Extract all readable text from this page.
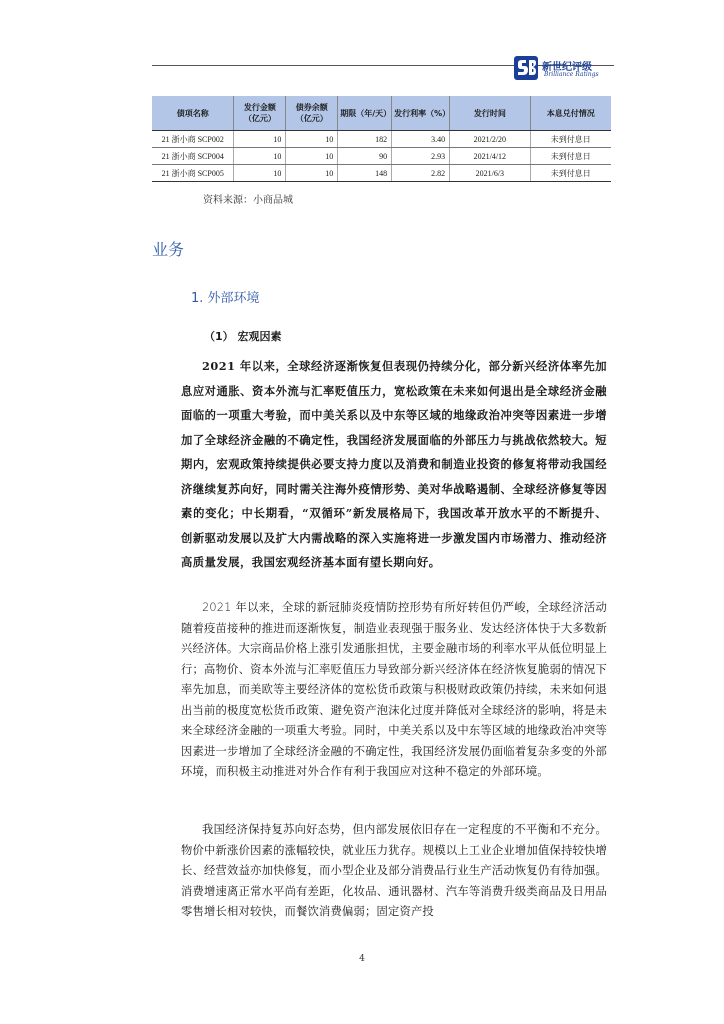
新世纪评级
Brilliance Ratings
债项名称	发行金额（亿元）	债券余额（亿元）	期限（年/天）	发行利率（%）	发行时间	本息兑付情况
21 浙小商 SCP002	10	10	182	3.40	2021/2/20	未到付息日
21 浙小商 SCP004	10	10	90	2.93	2021/4/12	未到付息日
21 浙小商 SCP005	10	10	148	2.82	2021/6/3	未到付息日
资料来源：小商品城
业务
1. 外部环境
（1） 宏观因素

2021 年以来，全球经济逐渐恢复但表现仍持续分化，部分新兴经济体率先加息应对通胀、资本外流与汇率贬值压力，宽松政策在未来如何退出是全球经济金融面临的一项重大考验，而中美关系以及中东等区域的地缘政治冲突等因素进一步增加了全球经济金融的不确定性，我国经济发展面临的外部压力与挑战依然较大。短期内，宏观政策持续提供必要支持力度以及消费和制造业投资的修复将带动我国经济继续复苏向好，同时需关注海外疫情形势、美对华战略遏制、全球经济修复等因素的变化；中长期看，“双循环”新发展格局下，我国改革开放水平的不断提升、创新驱动发展以及扩大内需战略的深入实施将进一步激发国内市场潜力、推动经济高质量发展，我国宏观经济基本面有望长期向好。

2021 年以来，全球的新冠肺炎疫情防控形势有所好转但仍严峻，全球经济活动随着疫苗接种的推进而逐渐恢复，制造业表现强于服务业、发达经济体快于大多数新兴经济体。大宗商品价格上涨引发通胀担忧，主要金融市场的利率水平从低位明显上行；高物价、资本外流与汇率贬值压力导致部分新兴经济体在经济恢复脆弱的情况下率先加息，而美欧等主要经济体的宽松货币政策与积极财政政策仍持续，未来如何退出当前的极度宽松货币政策、避免资产泡沫化过度并降低对全球经济的影响，将是未来全球经济金融的一项重大考验。同时，中美关系以及中东等区域的地缘政治冲突等因素进一步增加了全球经济金融的不确定性，我国经济发展仍面临着复杂多变的外部环境，而积极主动推进对外合作有利于我国应对这种不稳定的外部环境。

我国经济保持复苏向好态势，但内部发展依旧存在一定程度的不平衡和不充分。物价中新涨价因素的涨幅较快，就业压力犹存。规模以上工业企业增加值保持较快增长、经营效益亦加快修复，而小型企业及部分消费品行业生产活动恢复仍有待加强。消费增速离正常水平尚有差距，化妆品、通讯器材、汽车等消费升级类商品及日用品零售增长相对较快，而餐饮消费偏弱；固定资产投

4
